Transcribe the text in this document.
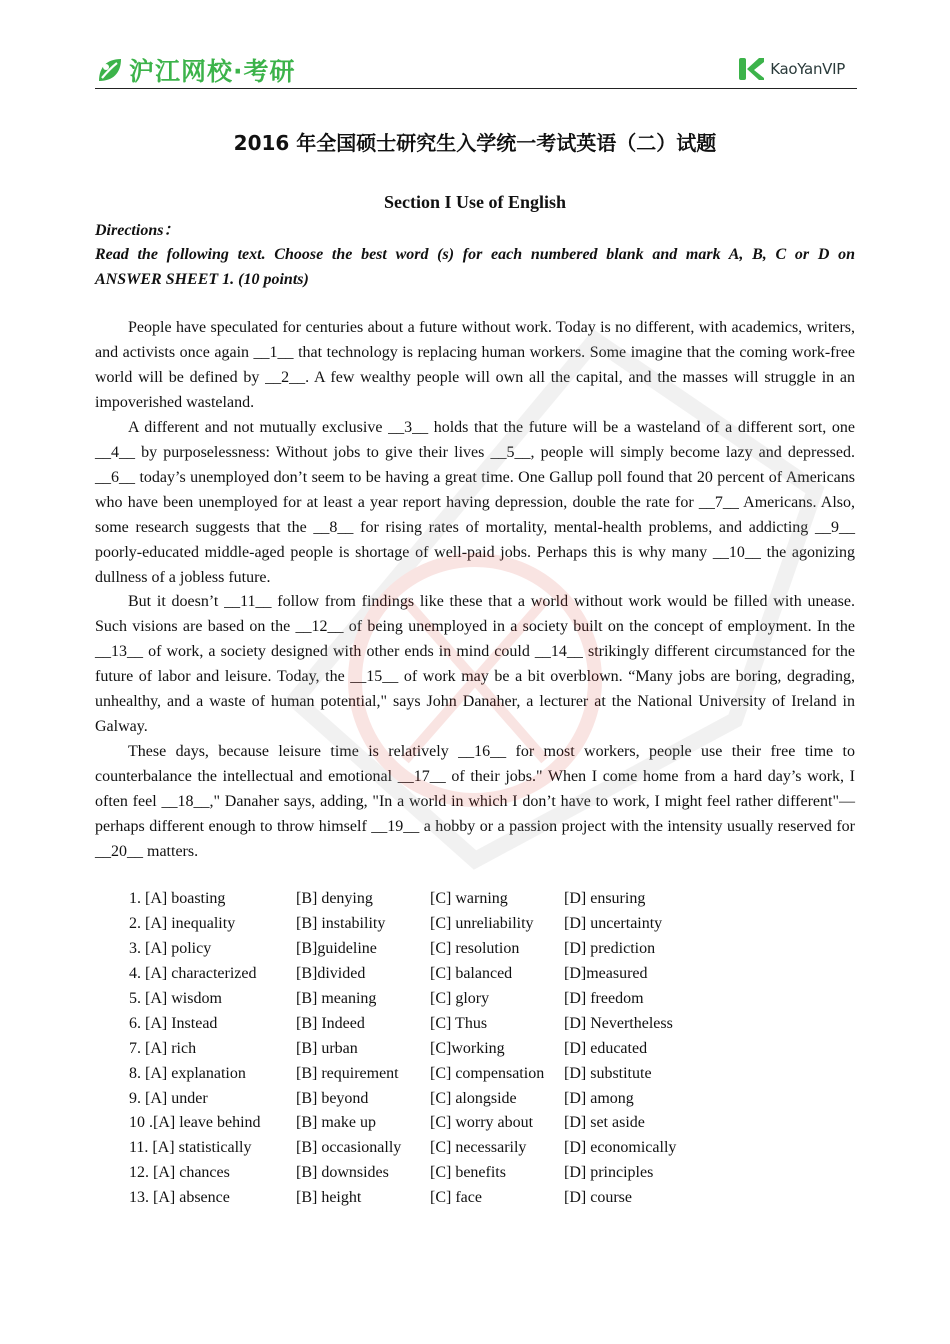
沪江网校·考研	KaoYanVIP
2016 年全国硕士研究生入学统一考试英语（二）试题
Section I Use of English
Directions：
Read the following text. Choose the best word (s) for each numbered blank and mark A, B, C or D on
ANSWER SHEET 1. (10 points)

People have speculated for centuries about a future without work. Today is no different, with academics, writers, and activists once again __1__ that technology is replacing human workers. Some imagine that the coming work-free world will be defined by __2__. A few wealthy people will own all the capital, and the masses will struggle in an impoverished wasteland.

A different and not mutually exclusive __3__ holds that the future will be a wasteland of a different sort, one __4__ by purposelessness: Without jobs to give their lives __5__, people will simply become lazy and depressed. __6__ today’s unemployed don’t seem to be having a great time. One Gallup poll found that 20 percent of Americans who have been unemployed for at least a year report having depression, double the rate for __7__ Americans. Also, some research suggests that the __8__ for rising rates of mortality, mental-health problems, and addicting __9__ poorly-educated middle-aged people is shortage of well-paid jobs. Perhaps this is why many __10__ the agonizing dullness of a jobless future.

But it doesn’t __11__ follow from findings like these that a world without work would be filled with unease. Such visions are based on the __12__ of being unemployed in a society built on the concept of employment. In the __13__ of work, a society designed with other ends in mind could __14__ strikingly different circumstanced for the future of labor and leisure. Today, the __15__ of work may be a bit overblown. “Many jobs are boring, degrading, unhealthy, and a waste of human potential," says John Danaher, a lecturer at the National University of Ireland in Galway.

These days, because leisure time is relatively __16__ for most workers, people use their free time to counterbalance the intellectual and emotional __17__ of their jobs." When I come home from a hard day’s work, I often feel __18__," Danaher says, adding, "In a world in which I don’t have to work, I might feel rather different"—perhaps different enough to throw himself __19__ a hobby or a passion project with the intensity usually reserved for __20__ matters.

1. [A] boasting	[B] denying	[C] warning	[D] ensuring
2. [A] inequality	[B] instability	[C] unreliability [D] uncertainty
3. [A] policy	[B]guideline	[C] resolution	[D] prediction
4. [A] characterized [B]divided	[C] balanced	[D]measured
5. [A] wisdom	[B] meaning	[C] glory	[D] freedom
6. [A] Instead	[B] Indeed	[C] Thus	[D] Nevertheless
7. [A] rich	[B] urban	[C]working	[D] educated
8. [A] explanation	[B] requirement [C] compensation [D] substitute
9. [A] under	[B] beyond	[C] alongside	[D] among
10 .[A] leave behind [B] make up	[C] worry about [D] set aside
11. [A] statistically	[B] occasionally [C] necessarily [D] economically
12. [A] chances	[B] downsides	[C] benefits	[D] principles
13. [A] absence	[B] height	[C] face	[D] course
